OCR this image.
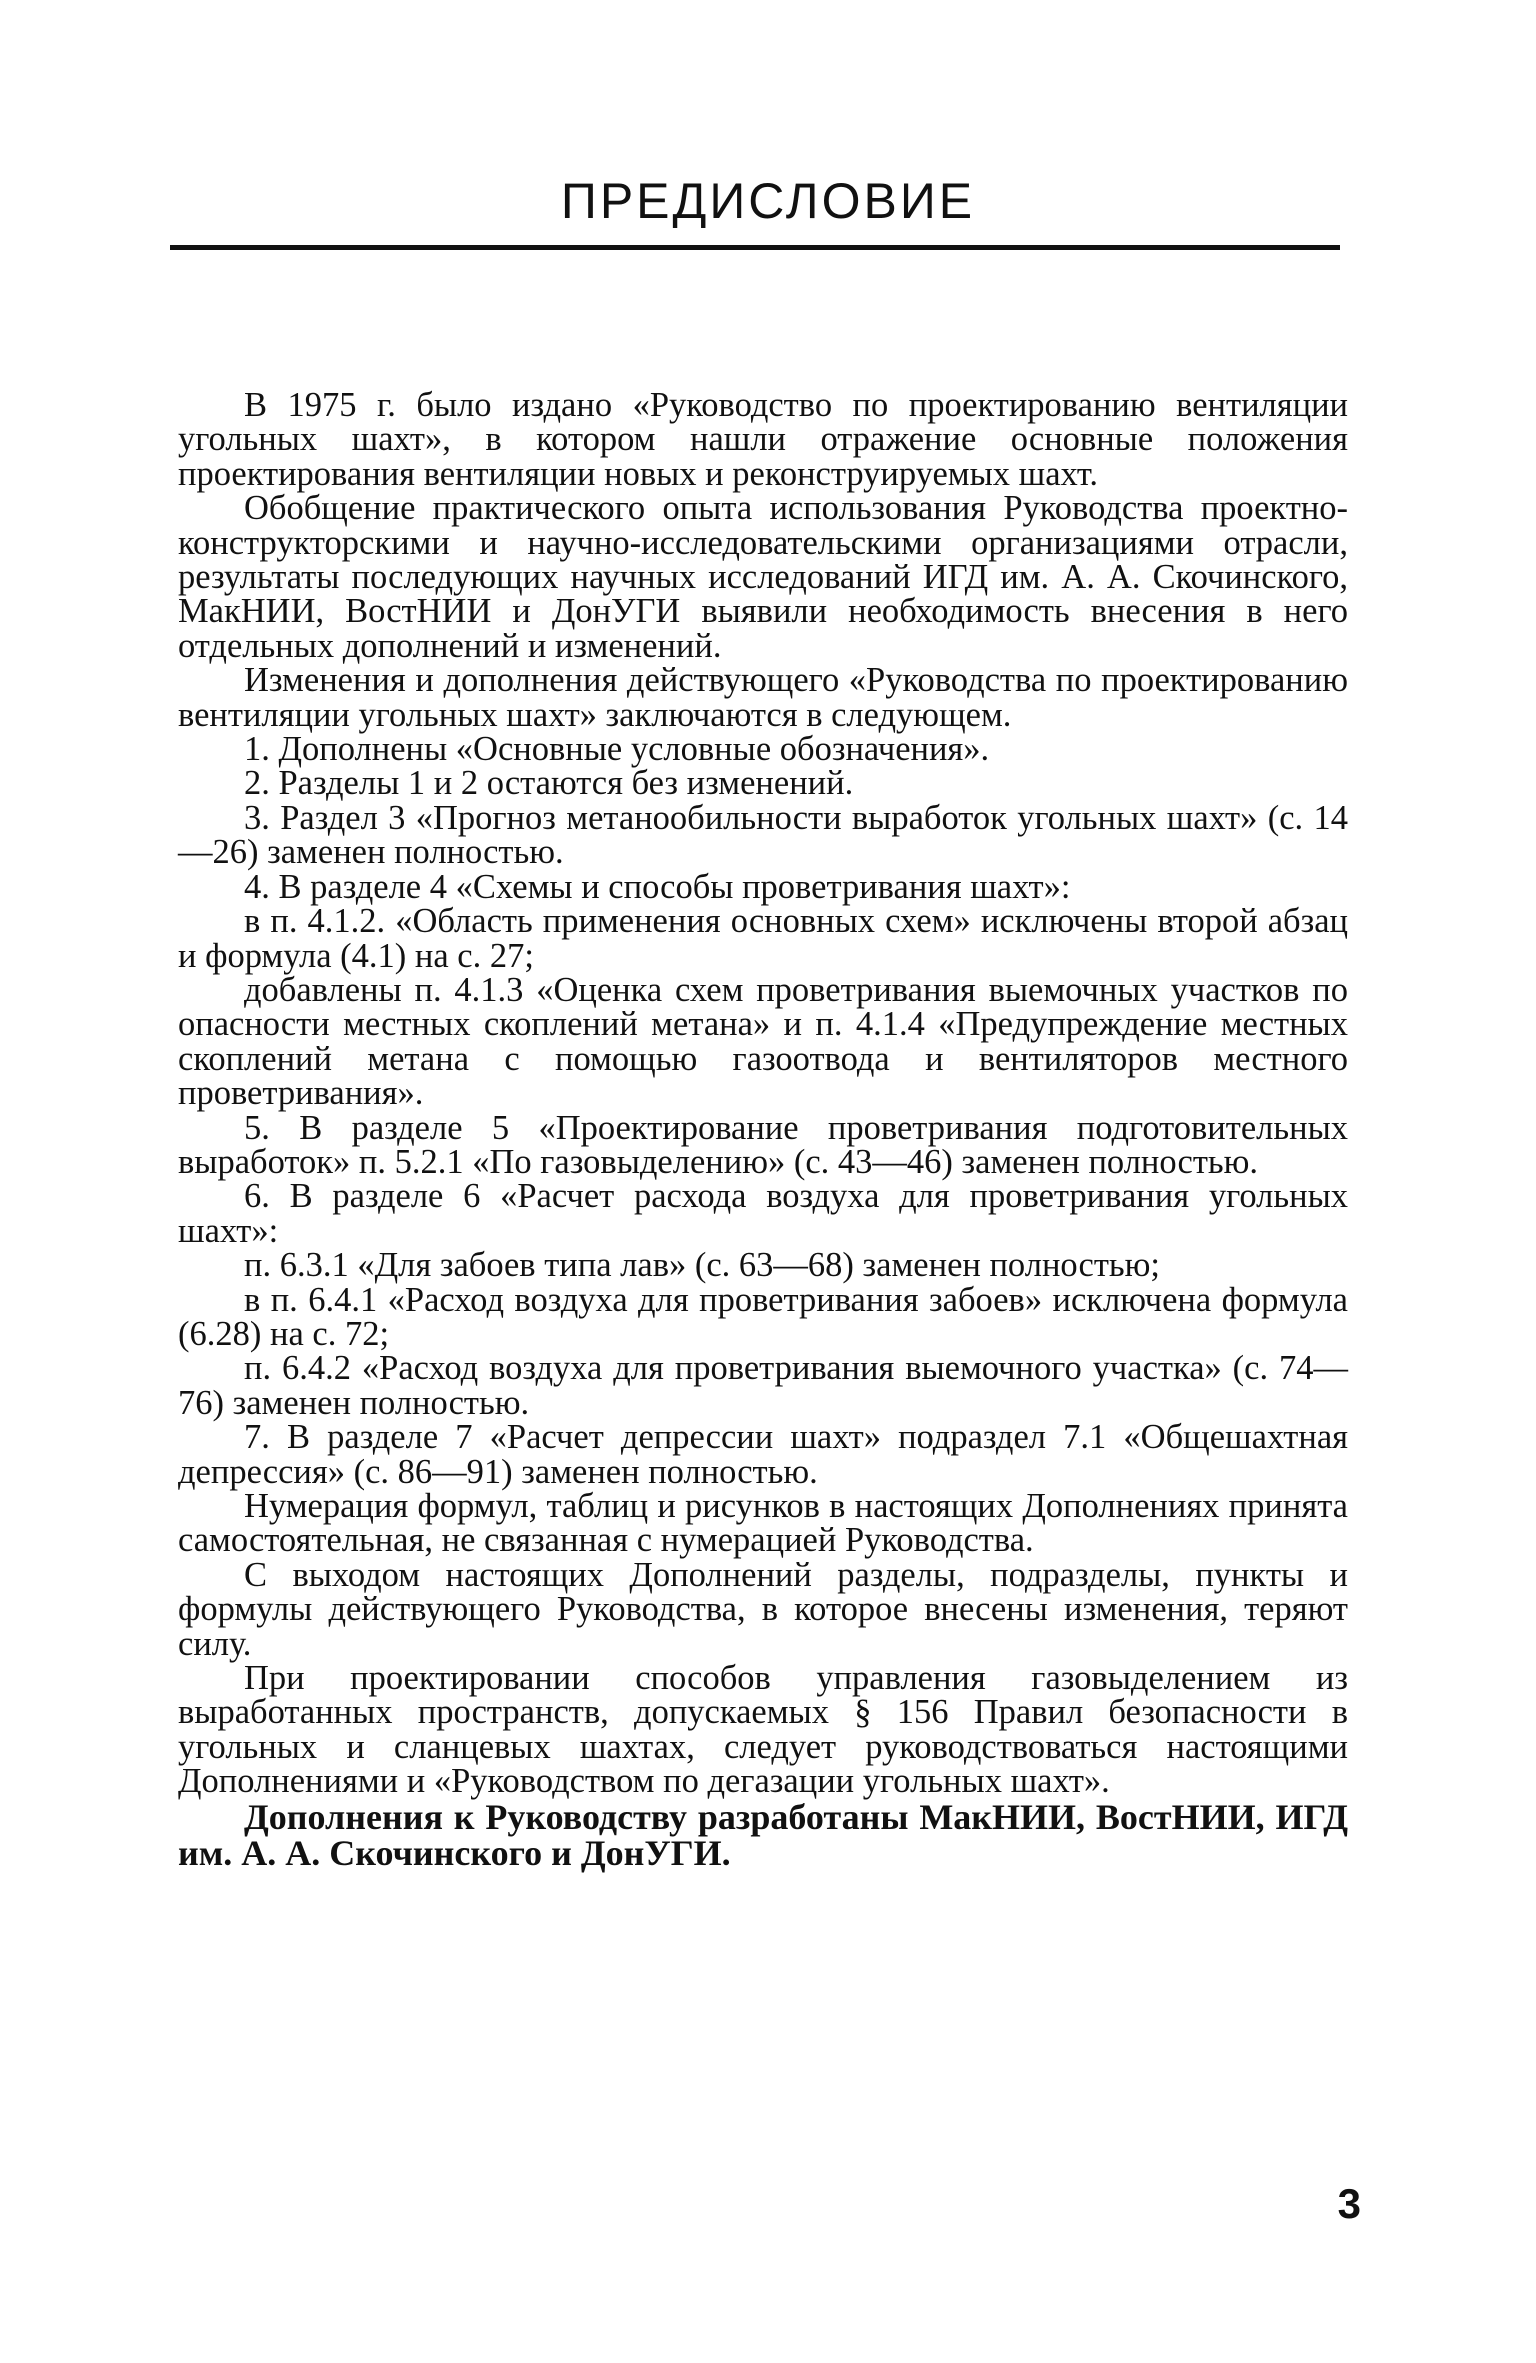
ПРЕДИСЛОВИЕ

В 1975 г. было издано «Руководство по проектированию вентиляции угольных шахт», в котором нашли отражение основные положения проектирования вентиляции новых и реконструируемых шахт.

Обобщение практического опыта использования Руководства проектно-конструкторскими и научно-исследовательскими организациями отрасли, результаты последующих научных исследований ИГД им. А. А. Скочинского, МакНИИ, ВостНИИ и ДонУГИ выявили необходимость внесения в него отдельных дополнений и изменений.

Изменения и дополнения действующего «Руководства по проектированию вентиляции угольных шахт» заключаются в следующем.

1. Дополнены «Основные условные обозначения».

2. Разделы 1 и 2 остаются без изменений.

3. Раздел 3 «Прогноз метанообильности выработок угольных шахт» (с. 14—26) заменен полностью.

4. В разделе 4 «Схемы и способы проветривания шахт»:

в п. 4.1.2. «Область применения основных схем» исключены второй абзац и формула (4.1) на с. 27;

добавлены п. 4.1.3 «Оценка схем проветривания выемочных участков по опасности местных скоплений метана» и п. 4.1.4 «Предупреждение местных скоплений метана с помощью газоотвода и вентиляторов местного проветривания».

5. В разделе 5 «Проектирование проветривания подготовительных выработок» п. 5.2.1 «По газовыделению» (с. 43—46) заменен полностью.

6. В разделе 6 «Расчет расхода воздуха для проветривания угольных шахт»:

п. 6.3.1 «Для забоев типа лав» (с. 63—68) заменен полностью;

в п. 6.4.1 «Расход воздуха для проветривания забоев» исключена формула (6.28) на с. 72;

п. 6.4.2 «Расход воздуха для проветривания выемочного участка» (с. 74—76) заменен полностью.

7. В разделе 7 «Расчет депрессии шахт» подраздел 7.1 «Общешахтная депрессия» (с. 86—91) заменен полностью.

Нумерация формул, таблиц и рисунков в настоящих Дополнениях принята самостоятельная, не связанная с нумерацией Руководства.

С выходом настоящих Дополнений разделы, подразделы, пункты и формулы действующего Руководства, в которое внесены изменения, теряют силу.

При проектировании способов управления газовыделением из выработанных пространств, допускаемых § 156 Правил безопасности в угольных и сланцевых шахтах, следует руководствоваться настоящими Дополнениями и «Руководством по дегазации угольных шахт».

Дополнения к Руководству разработаны МакНИИ, ВостНИИ, ИГД им. А. А. Скочинского и ДонУГИ.

3
